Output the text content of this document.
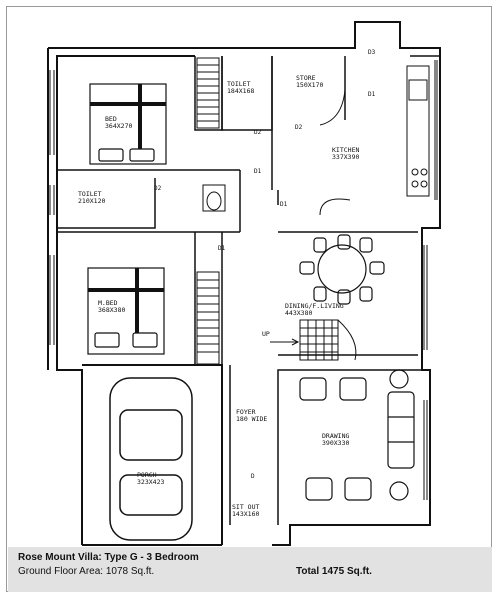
BED
364X270
TOILET
184X168
STORE
150X170
KITCHEN
337X390
TOILET
210X120
M.BED
368X380	DINING/F.LIVING
443X380
FOYER
180 WIDE
PORCH
323X423
DRAWING
390X330
SIT OUT
143X160
D3
D1
D2
D2
D1
D2
D1
D1
D
UP
Rose Mount Villa: Type G - 3 Bedroom
Ground Floor Area: 1078 Sq.ft.	Total 1475 Sq.ft.
